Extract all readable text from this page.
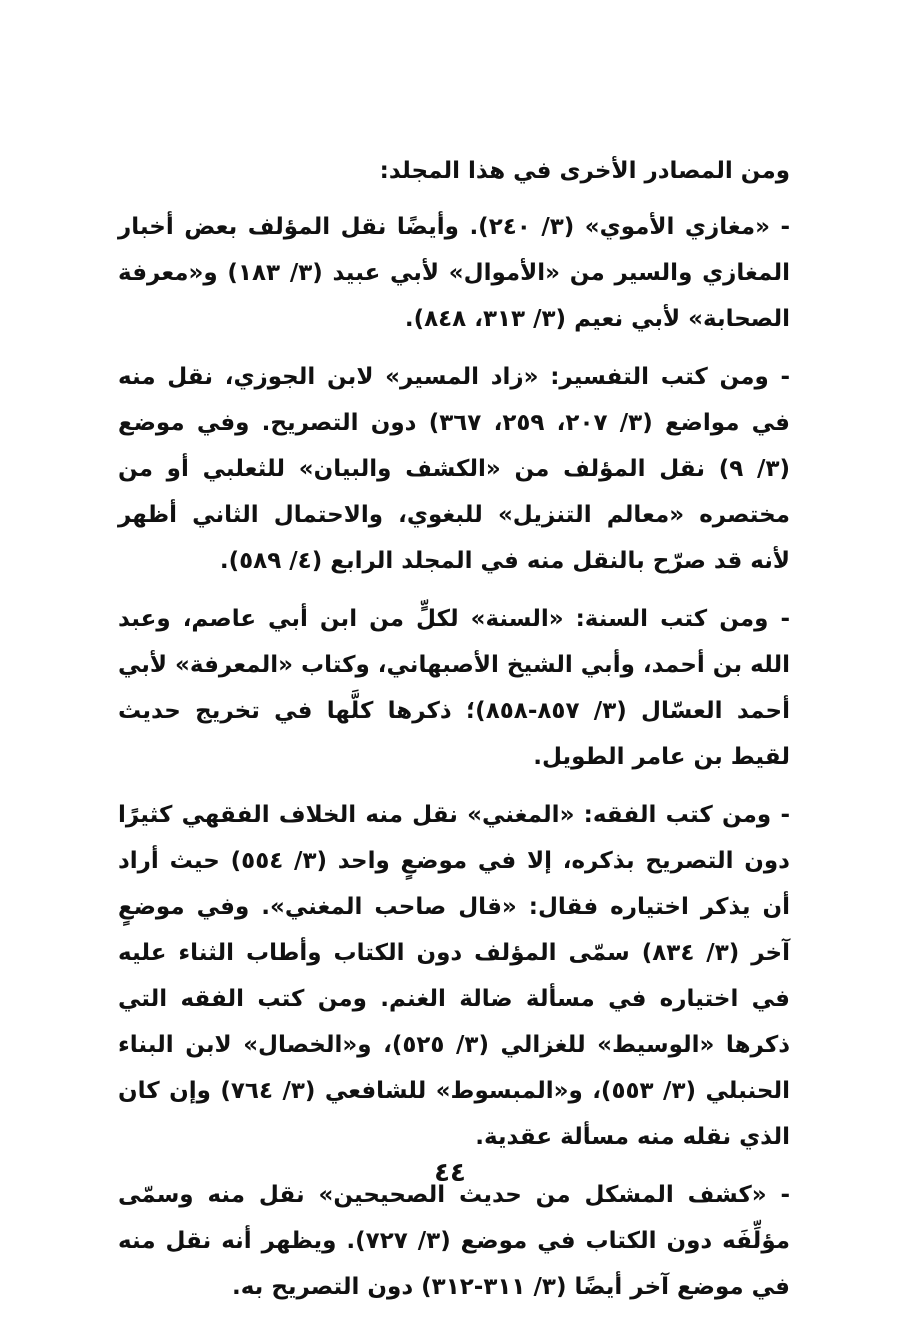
ومن المصادر الأخرى في هذا المجلد:

- «مغازي الأموي» (٣/ ٢٤٠). وأيضًا نقل المؤلف بعض أخبار المغازي والسير من «الأموال» لأبي عبيد (٣/ ١٨٣) و«معرفة الصحابة» لأبي نعيم (٣/ ٣١٣، ٨٤٨).

- ومن كتب التفسير: «زاد المسير» لابن الجوزي، نقل منه في مواضع (٣/ ٢٠٧، ٢٥٩، ٣٦٧) دون التصريح. وفي موضع (٣/ ٩) نقل المؤلف من «الكشف والبيان» للثعلبي أو من مختصره «معالم التنزيل» للبغوي، والاحتمال الثاني أظهر لأنه قد صرّح بالنقل منه في المجلد الرابع (٤/ ٥٨٩).

- ومن كتب السنة: «السنة» لكلٍّ من ابن أبي عاصم، وعبد الله بن أحمد، وأبي الشيخ الأصبهاني، وكتاب «المعرفة» لأبي أحمد العسّال (٣/ ٨٥٧-٨٥٨)؛ ذكرها كلَّها في تخريج حديث لقيط بن عامر الطويل.

- ومن كتب الفقه: «المغني» نقل منه الخلاف الفقهي كثيرًا دون التصريح بذكره، إلا في موضعٍ واحد (٣/ ٥٥٤) حيث أراد أن يذكر اختياره فقال: «قال صاحب المغني». وفي موضعٍ آخر (٣/ ٨٣٤) سمّى المؤلف دون الكتاب وأطاب الثناء عليه في اختياره في مسألة ضالة الغنم. ومن كتب الفقه التي ذكرها «الوسيط» للغزالي (٣/ ٥٢٥)، و«الخصال» لابن البناء الحنبلي (٣/ ٥٥٣)، و«المبسوط» للشافعي (٣/ ٧٦٤) وإن كان الذي نقله منه مسألة عقدية.

- «كشف المشكل من حديث الصحيحين» نقل منه وسمّى مؤلِّفَه دون الكتاب في موضع (٣/ ٧٢٧). ويظهر أنه نقل منه في موضع آخر أيضًا (٣/ ٣١١-٣١٢) دون التصريح به.

٤٤
